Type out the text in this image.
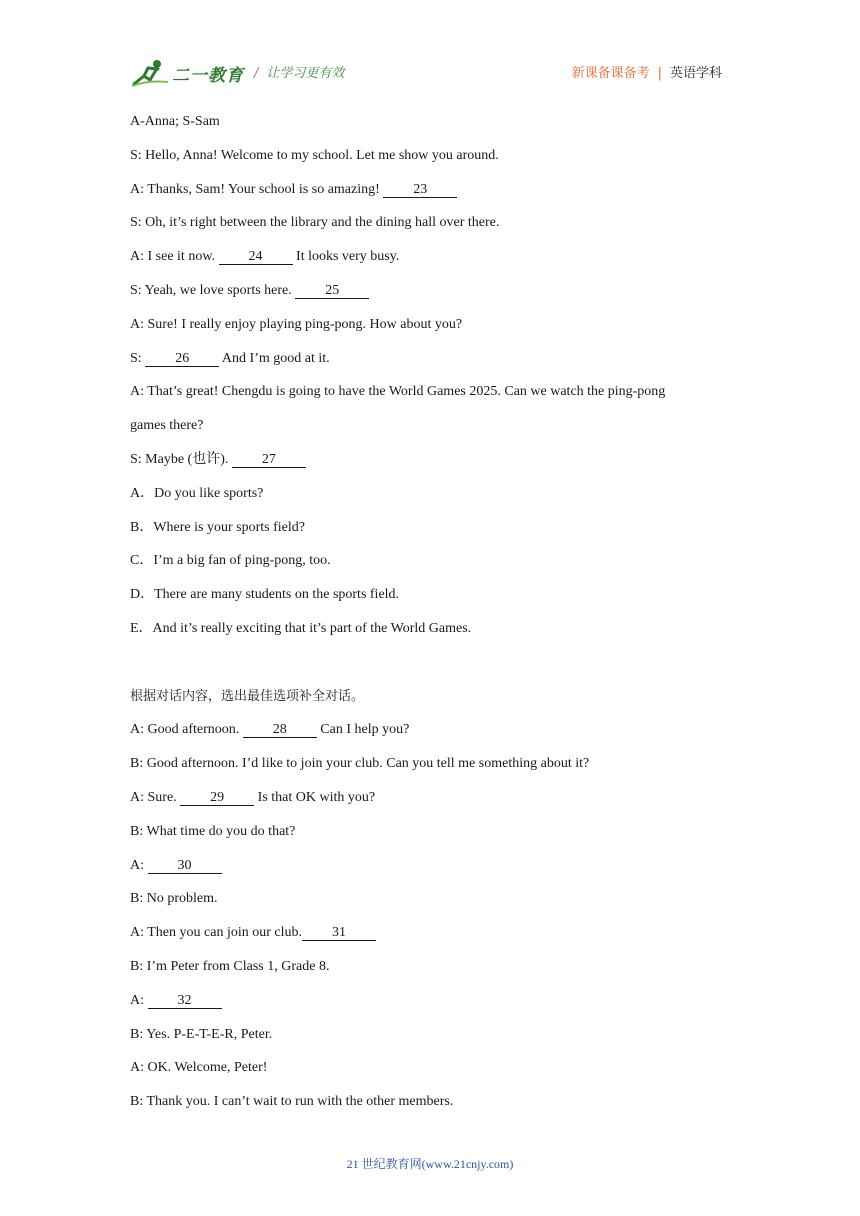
二一教育 / 让学习更有效	新课备课备考 | 英语学科
A-Anna; S-Sam
S: Hello, Anna! Welcome to my school. Let me show you around.
A: Thanks, Sam! Your school is so amazing! 23
S: Oh, it’s right between the library and the dining hall over there.
A: I see it now. 24 It looks very busy.
S: Yeah, we love sports here. 25
A: Sure! I really enjoy playing ping-pong. How about you?
S: 26 And I’m good at it.
A: That’s great! Chengdu is going to have the World Games 2025. Can we watch the ping-pong
games there?
S: Maybe (也许). 27
A．Do you like sports?
B．Where is your sports field?
C．I’m a big fan of ping-pong, too.
D．There are many students on the sports field.
E．And it’s really exciting that it’s part of the World Games.
根据对话内容，选出最佳选项补全对话。
A: Good afternoon. 28 Can I help you?
B: Good afternoon. I’d like to join your club. Can you tell me something about it?
A: Sure. 29 Is that OK with you?
B: What time do you do that?
A: 30
B: No problem.
A: Then you can join our club. 31
B: I’m Peter from Class 1, Grade 8.
A: 32
B: Yes. P-E-T-E-R, Peter.
A: OK. Welcome, Peter!
B: Thank you. I can’t wait to run with the other members.
21 世纪教育网(www.21cnjy.com)
